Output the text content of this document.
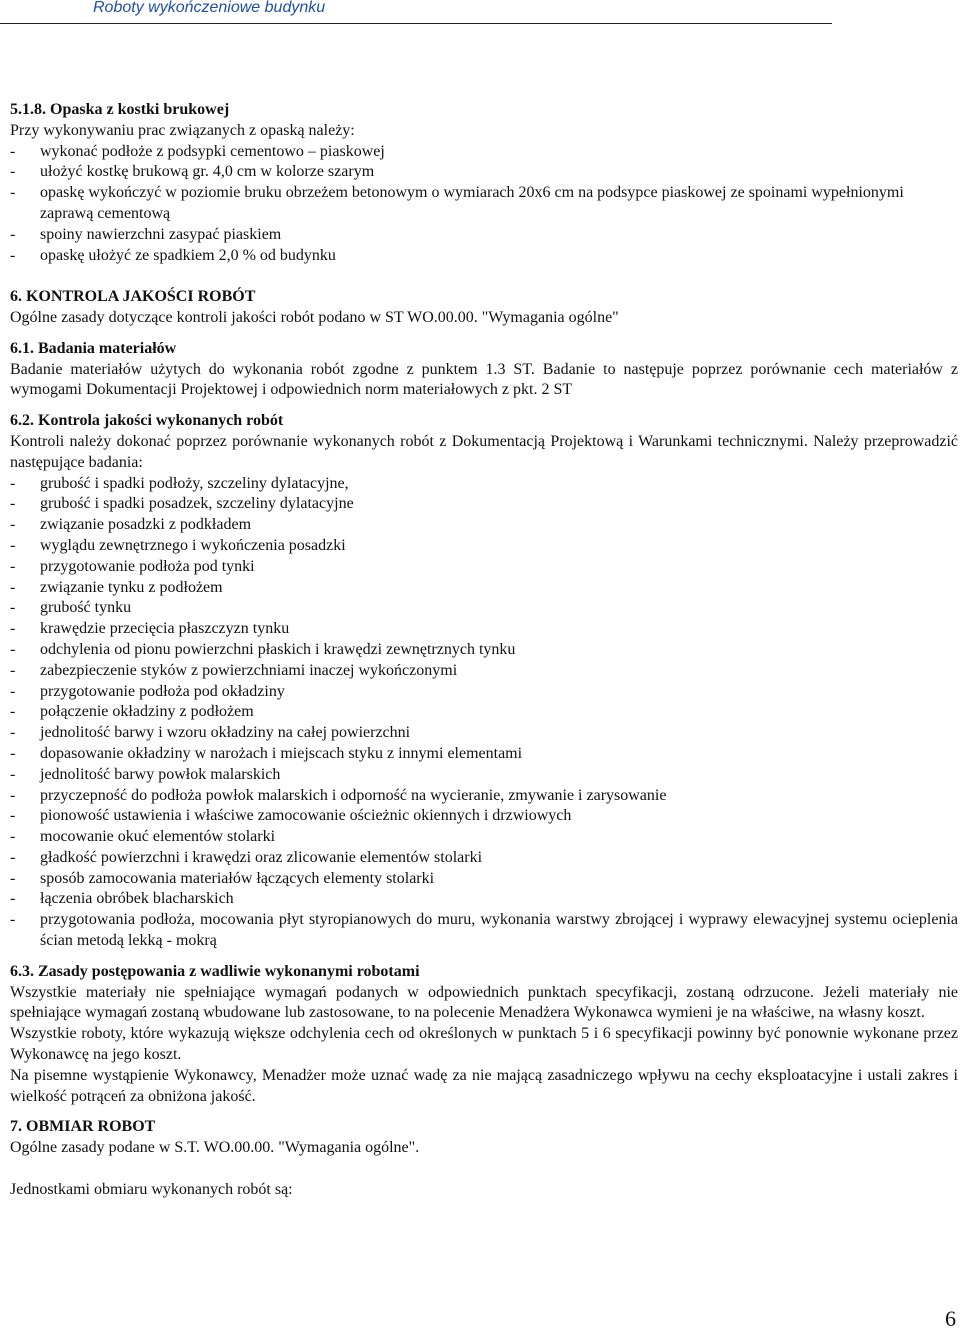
Roboty wykończeniowe budynku
5.1.8. Opaska z kostki brukowej
Przy wykonywaniu prac związanych z opaską należy:
-	wykonać podłoże z podsypki cementowo – piaskowej
-	ułożyć kostkę brukową gr. 4,0 cm w kolorze szarym
-	opaskę wykończyć w poziomie bruku obrzeżem betonowym o wymiarach 20x6 cm na podsypce piaskowej ze spoinami wypełnionymi zaprawą cementową
-	spoiny nawierzchni zasypać piaskiem
-	opaskę ułożyć ze spadkiem 2,0 % od budynku
6. KONTROLA JAKOŚCI ROBÓT
Ogólne zasady dotyczące kontroli jakości robót podano w ST WO.00.00. "Wymagania ogólne"
6.1. Badania materiałów
Badanie materiałów użytych do wykonania robót zgodne z punktem 1.3 ST. Badanie to następuje poprzez porównanie cech materiałów z wymogami Dokumentacji Projektowej i odpowiednich norm materiałowych z pkt. 2 ST
6.2. Kontrola jakości wykonanych robót
Kontroli należy dokonać poprzez porównanie wykonanych robót z Dokumentacją Projektową i Warunkami technicznymi. Należy przeprowadzić następujące badania:
-	grubość i spadki podłoży, szczeliny dylatacyjne,
-	grubość i spadki posadzek, szczeliny dylatacyjne
-	związanie posadzki z podkładem
-	wyglądu zewnętrznego i wykończenia posadzki
-	przygotowanie podłoża pod tynki
-	związanie tynku z podłożem
-	grubość tynku
-	krawędzie przecięcia płaszczyzn tynku
-	odchylenia od pionu powierzchni płaskich i krawędzi zewnętrznych tynku
-	zabezpieczenie styków z powierzchniami inaczej wykończonymi
-	przygotowanie podłoża pod okładziny
-	połączenie okładziny z podłożem
-	jednolitość barwy i wzoru okładziny na całej powierzchni
-	dopasowanie okładziny w narożach i miejscach styku z innymi elementami
-	jednolitość barwy powłok malarskich
-	przyczepność do podłoża powłok malarskich i odporność na wycieranie, zmywanie i zarysowanie
-	pionowość ustawienia i właściwe zamocowanie ościeżnic okiennych i drzwiowych
-	mocowanie okuć elementów stolarki
-	gładkość powierzchni i krawędzi oraz zlicowanie elementów stolarki
-	sposób zamocowania materiałów łączących elementy stolarki
-	łączenia obróbek blacharskich
-	przygotowania podłoża, mocowania płyt styropianowych do muru, wykonania warstwy zbrojącej i wyprawy elewacyjnej systemu ocieplenia ścian metodą lekką - mokrą
6.3. Zasady postępowania z wadliwie wykonanymi robotami
Wszystkie materiały nie spełniające wymagań podanych w odpowiednich punktach specyfikacji, zostaną odrzucone. Jeżeli materiały nie spełniające wymagań zostaną wbudowane lub zastosowane, to na polecenie Menadżera Wykonawca wymieni je na właściwe, na własny koszt.
Wszystkie roboty, które wykazują większe odchylenia cech od określonych w punktach 5 i 6 specyfikacji powinny być ponownie wykonane przez Wykonawcę na jego koszt.
Na pisemne wystąpienie Wykonawcy, Menadżer może uznać wadę za nie mającą zasadniczego wpływu na cechy eksploatacyjne i ustali zakres i wielkość potrąceń za obniżona jakość.
7. OBMIAR ROBOT
Ogólne zasady podane w S.T. WO.00.00. "Wymagania ogólne".
Jednostkami obmiaru wykonanych robót są:
6
